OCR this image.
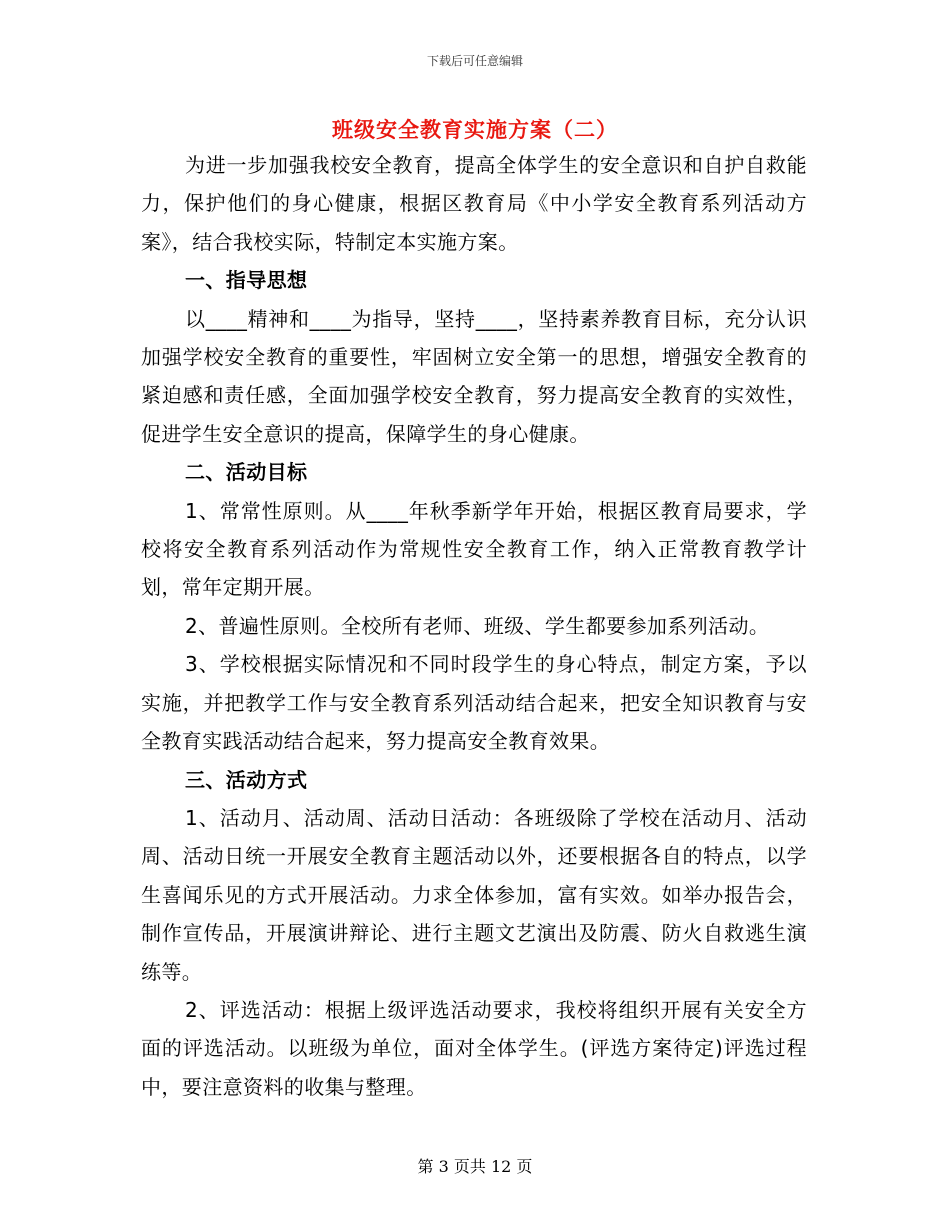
下载后可任意编辑
班级安全教育实施方案（二）

为进一步加强我校安全教育，提高全体学生的安全意识和自护自救能力，保护他们的身心健康，根据区教育局《中小学安全教育系列活动方案》，结合我校实际，特制定本实施方案。

一、指导思想

以____精神和____为指导，坚持____，坚持素养教育目标，充分认识加强学校安全教育的重要性，牢固树立安全第一的思想，增强安全教育的紧迫感和责任感，全面加强学校安全教育，努力提高安全教育的实效性，促进学生安全意识的提高，保障学生的身心健康。

二、活动目标

1、常常性原则。从____年秋季新学年开始，根据区教育局要求，学校将安全教育系列活动作为常规性安全教育工作，纳入正常教育教学计划，常年定期开展。

2、普遍性原则。全校所有老师、班级、学生都要参加系列活动。

3、学校根据实际情况和不同时段学生的身心特点，制定方案，予以实施，并把教学工作与安全教育系列活动结合起来，把安全知识教育与安全教育实践活动结合起来，努力提高安全教育效果。

三、活动方式

1、活动月、活动周、活动日活动：各班级除了学校在活动月、活动周、活动日统一开展安全教育主题活动以外，还要根据各自的特点，以学生喜闻乐见的方式开展活动。力求全体参加，富有实效。如举办报告会，制作宣传品，开展演讲辩论、进行主题文艺演出及防震、防火自救逃生演练等。

2、评选活动：根据上级评选活动要求，我校将组织开展有关安全方面的评选活动。以班级为单位，面对全体学生。(评选方案待定)评选过程中，要注意资料的收集与整理。

第 3 页共 12 页
